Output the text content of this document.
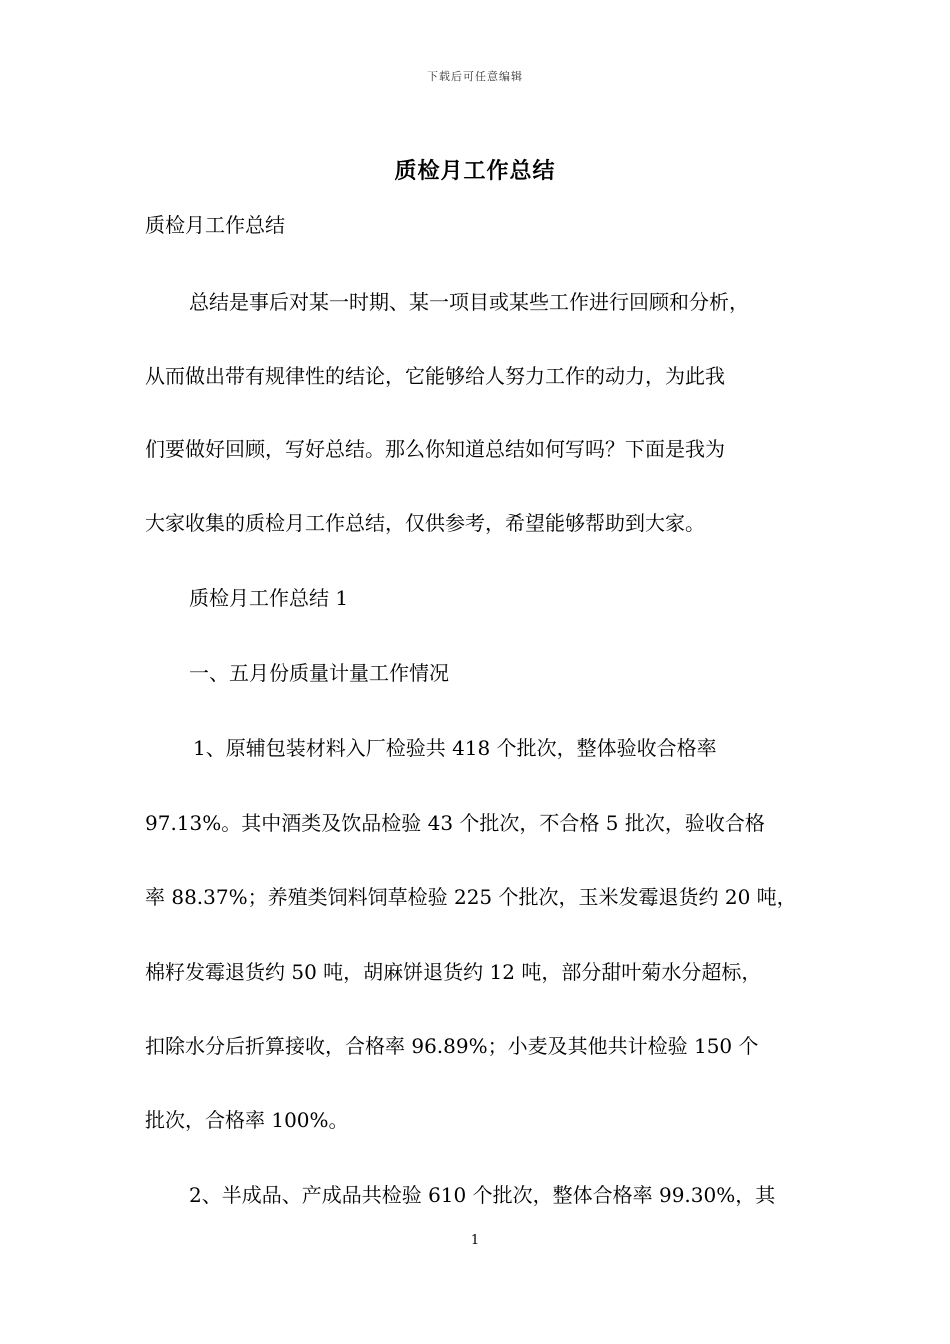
下载后可任意编辑
质检月工作总结
质检月工作总结
总结是事后对某一时期、某一项目或某些工作进行回顾和分析，
从而做出带有规律性的结论，它能够给人努力工作的动力，为此我
们要做好回顾，写好总结。那么你知道总结如何写吗？下面是我为
大家收集的质检月工作总结，仅供参考，希望能够帮助到大家。
质检月工作总结 1
一、五月份质量计量工作情况
1、原辅包装材料入厂检验共 418 个批次，整体验收合格率
97.13%。其中酒类及饮品检验 43 个批次，不合格 5 批次，验收合格
率 88.37%；养殖类饲料饲草检验 225 个批次，玉米发霉退货约 20 吨，
棉籽发霉退货约 50 吨，胡麻饼退货约 12 吨，部分甜叶菊水分超标，
扣除水分后折算接收，合格率 96.89%；小麦及其他共计检验 150 个
批次，合格率 100%。
2、半成品、产成品共检验 610 个批次，整体合格率 99.30%，其
1
